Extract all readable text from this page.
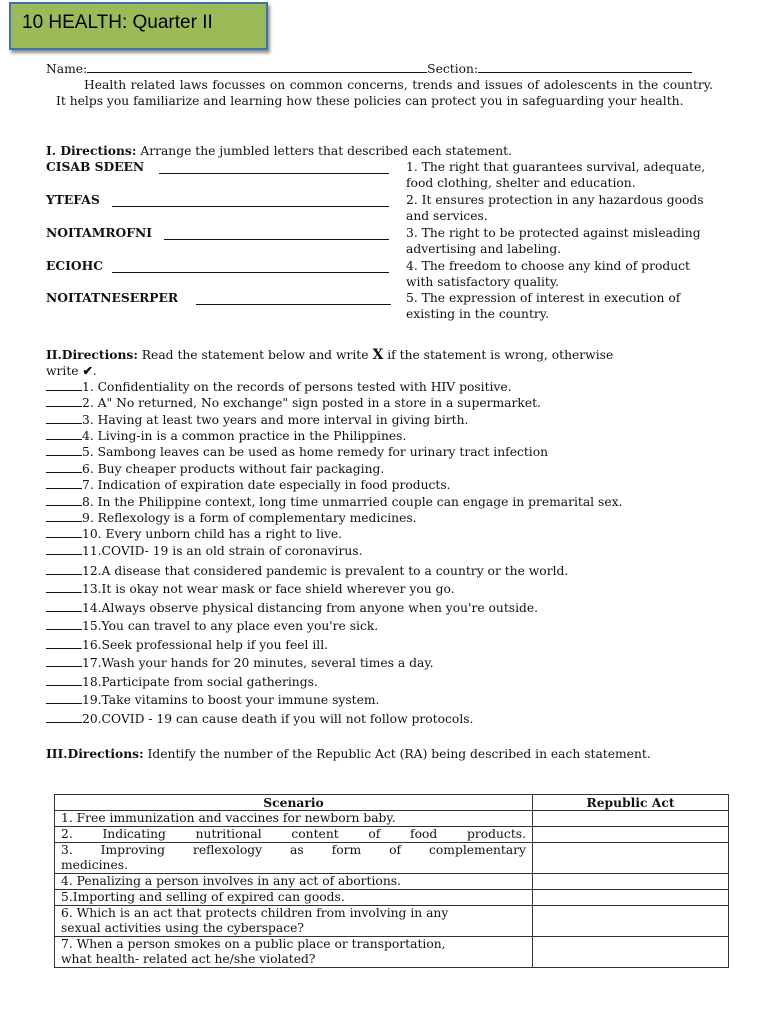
10 HEALTH: Quarter II
Name:	Section:
Health related laws focusses on common concerns, trends and issues of adolescents in the country. It helps you familiarize and learning how these policies can protect you in safeguarding your health.
I. Directions: Arrange the jumbled letters that described each statement.
CISAB SDEEN	1. The right that guarantees survival, adequate,
food clothing, shelter and education.
YTEFAS	2. It ensures protection in any hazardous goods
and services.
NOITAMROFNI	3. The right to be protected against misleading
advertising and labeling.
ECIOHC	4. The freedom to choose any kind of product
with satisfactory quality.
NOITATNESERPER	5. The expression of interest in execution of
existing in the country.
II.Directions: Read the statement below and write X if the statement is wrong, otherwise
write ✔.
1. Confidentiality on the records of persons tested with HIV positive.
2. A" No returned, No exchange" sign posted in a store in a supermarket.
3. Having at least two years and more interval in giving birth.
4. Living-in is a common practice in the Philippines.
5. Sambong leaves can be used as home remedy for urinary tract infection
6. Buy cheaper products without fair packaging.
7. Indication of expiration date especially in food products.
8. In the Philippine context, long time unmarried couple can engage in premarital sex.
9. Reflexology is a form of complementary medicines.
10. Every unborn child has a right to live.
11.COVID- 19 is an old strain of coronavirus.
12.A disease that considered pandemic is prevalent to a country or the world.
13.It is okay not wear mask or face shield wherever you go.
14.Always observe physical distancing from anyone when you're outside.
15.You can travel to any place even you're sick.
16.Seek professional help if you feel ill.
17.Wash your hands for 20 minutes, several times a day.
18.Participate from social gatherings.
19.Take vitamins to boost your immune system.
20.COVID - 19 can cause death if you will not follow protocols.
III.Directions: Identify the number of the Republic Act (RA) being described in each statement.
Scenario	Republic Act

1. Free immunization and vaccines for newborn baby.	

2. Indicating nutritional content of food products.	

3. Improving reflexology as form of complementary
medicines.	

4. Penalizing a person involves in any act of abortions.	

5.Importing and selling of expired can goods.	

6. Which is an act that protects children from involving in any
sexual activities using the cyberspace?	

7. When a person smokes on a public place or transportation,
what health- related act he/she violated?	
